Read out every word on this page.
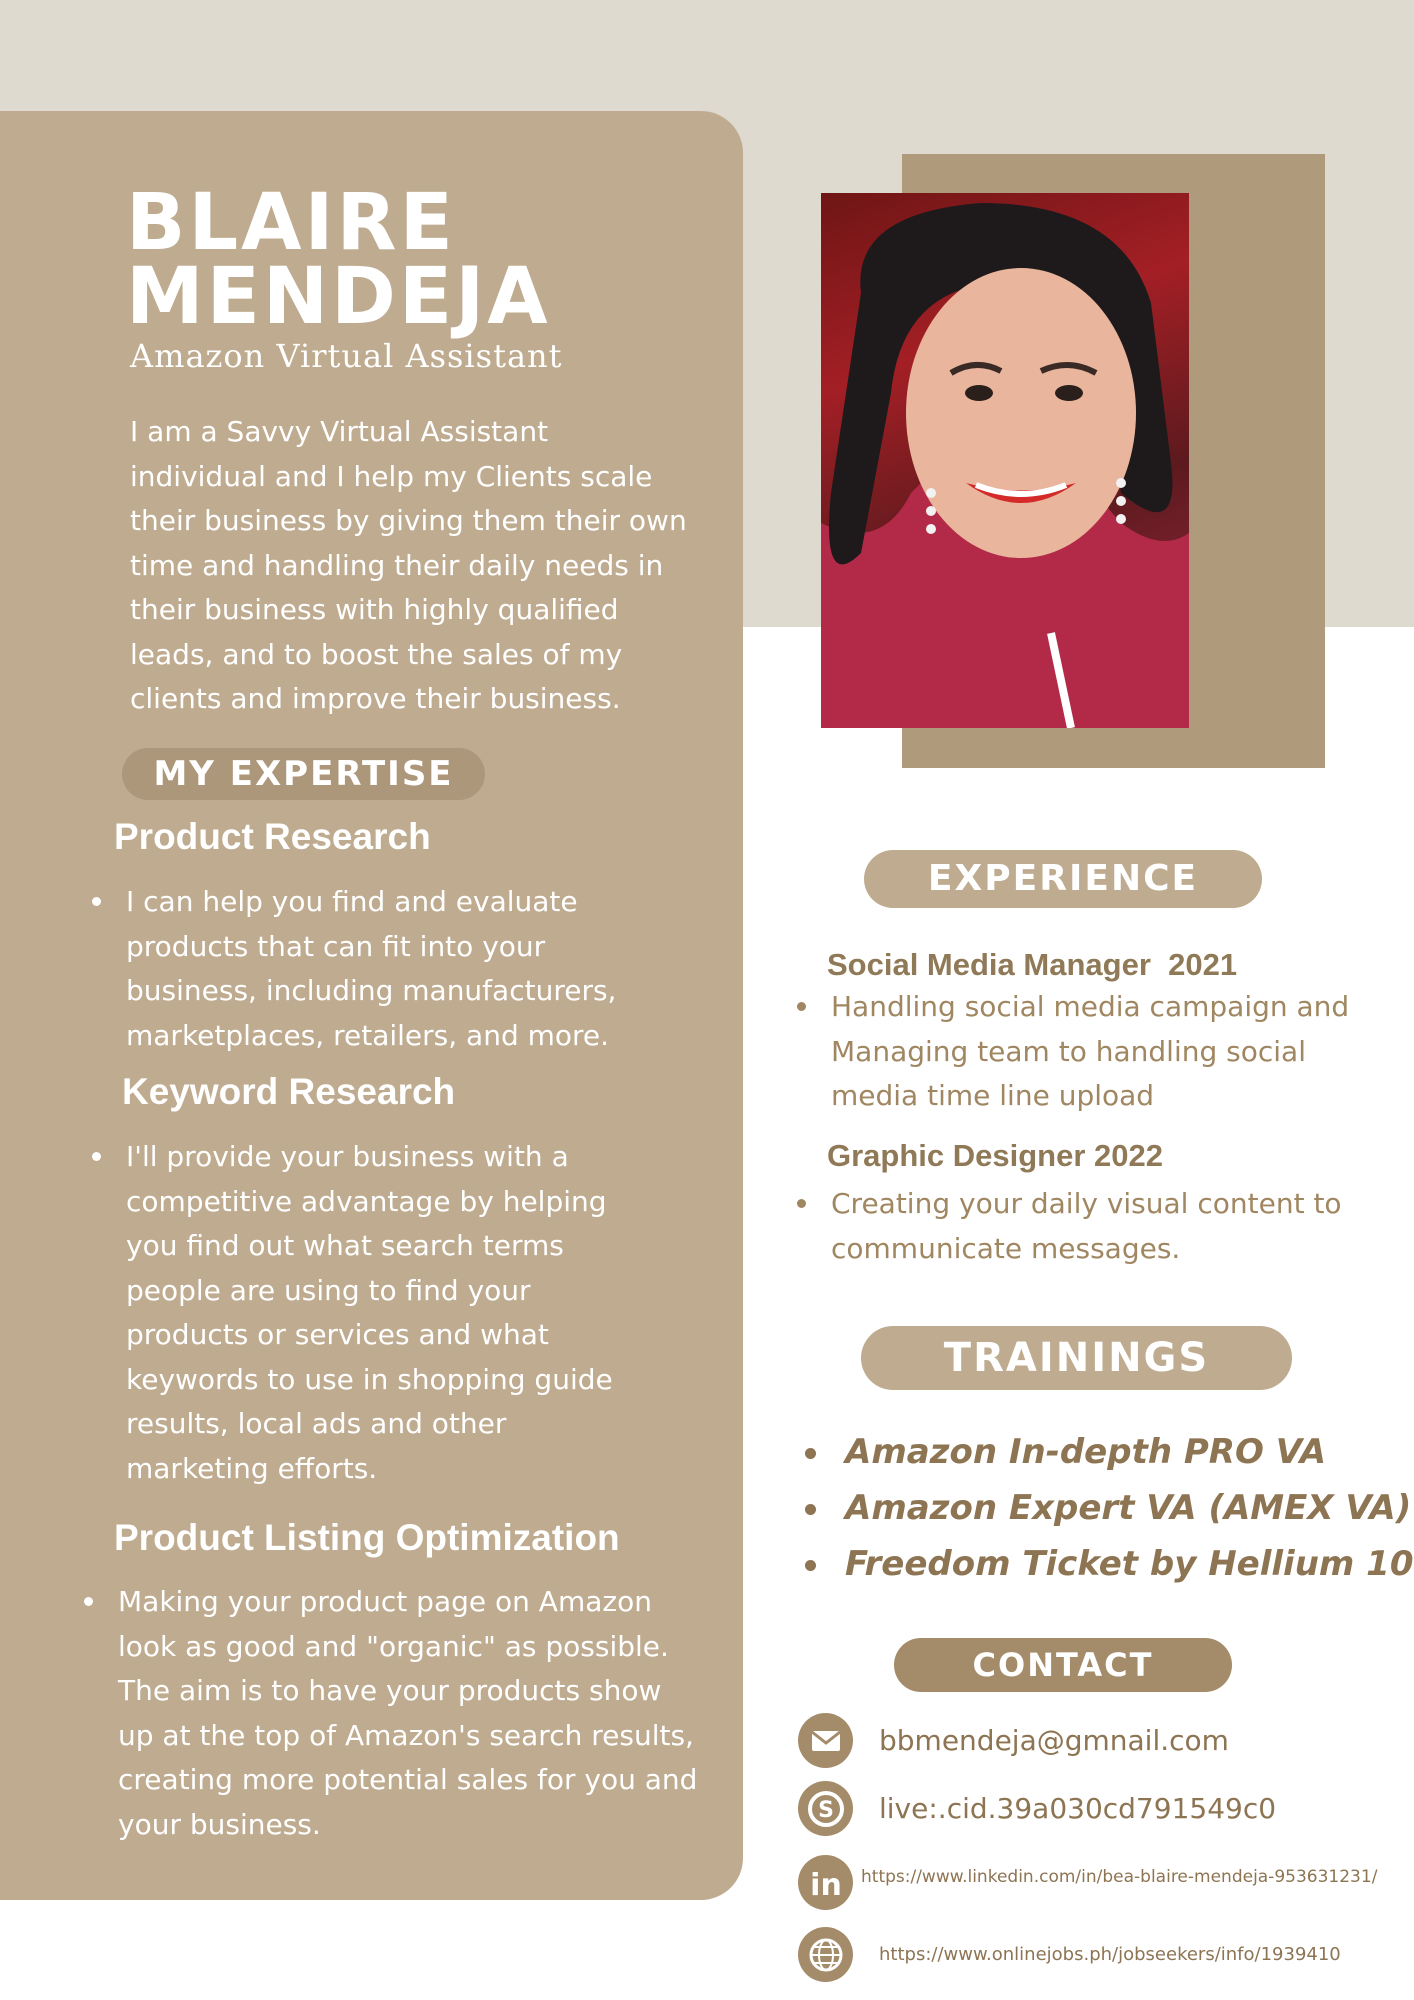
BLAIRE
MENDEJA
Amazon Virtual Assistant
I am a Savvy Virtual Assistant individual and I help my Clients scale their business by giving them their own time and handling their daily needs in their business with highly qualified leads, and to boost the sales of my clients and improve their business.
MY EXPERTISE
Product Research
I can help you find and evaluate products that can fit into your business, including manufacturers, marketplaces, retailers, and more.
Keyword Research
I'll provide your business with a competitive advantage by helping you find out what search terms people are using to find your products or services and what keywords to use in shopping guide results, local ads and other marketing efforts.
Product Listing Optimization
Making your product page on Amazon look as good and "organic" as possible. The aim is to have your products show up at the top of Amazon's search results, creating more potential sales for you and your business.
EXPERIENCE
Social Media Manager  2021
Handling social media campaign and Managing team to handling social media time line upload
Graphic Designer 2022
Creating your daily visual content to communicate messages.
TRAININGS
Amazon In-depth PRO VA
Amazon Expert VA (AMEX VA)
Freedom Ticket by Hellium 10
CONTACT
bbmendeja@gmnail.com
S live:.cid.39a030cd791549c0
in https://www.linkedin.com/in/bea-blaire-mendeja-953631231/
https://www.onlinejobs.ph/jobseekers/info/1939410
